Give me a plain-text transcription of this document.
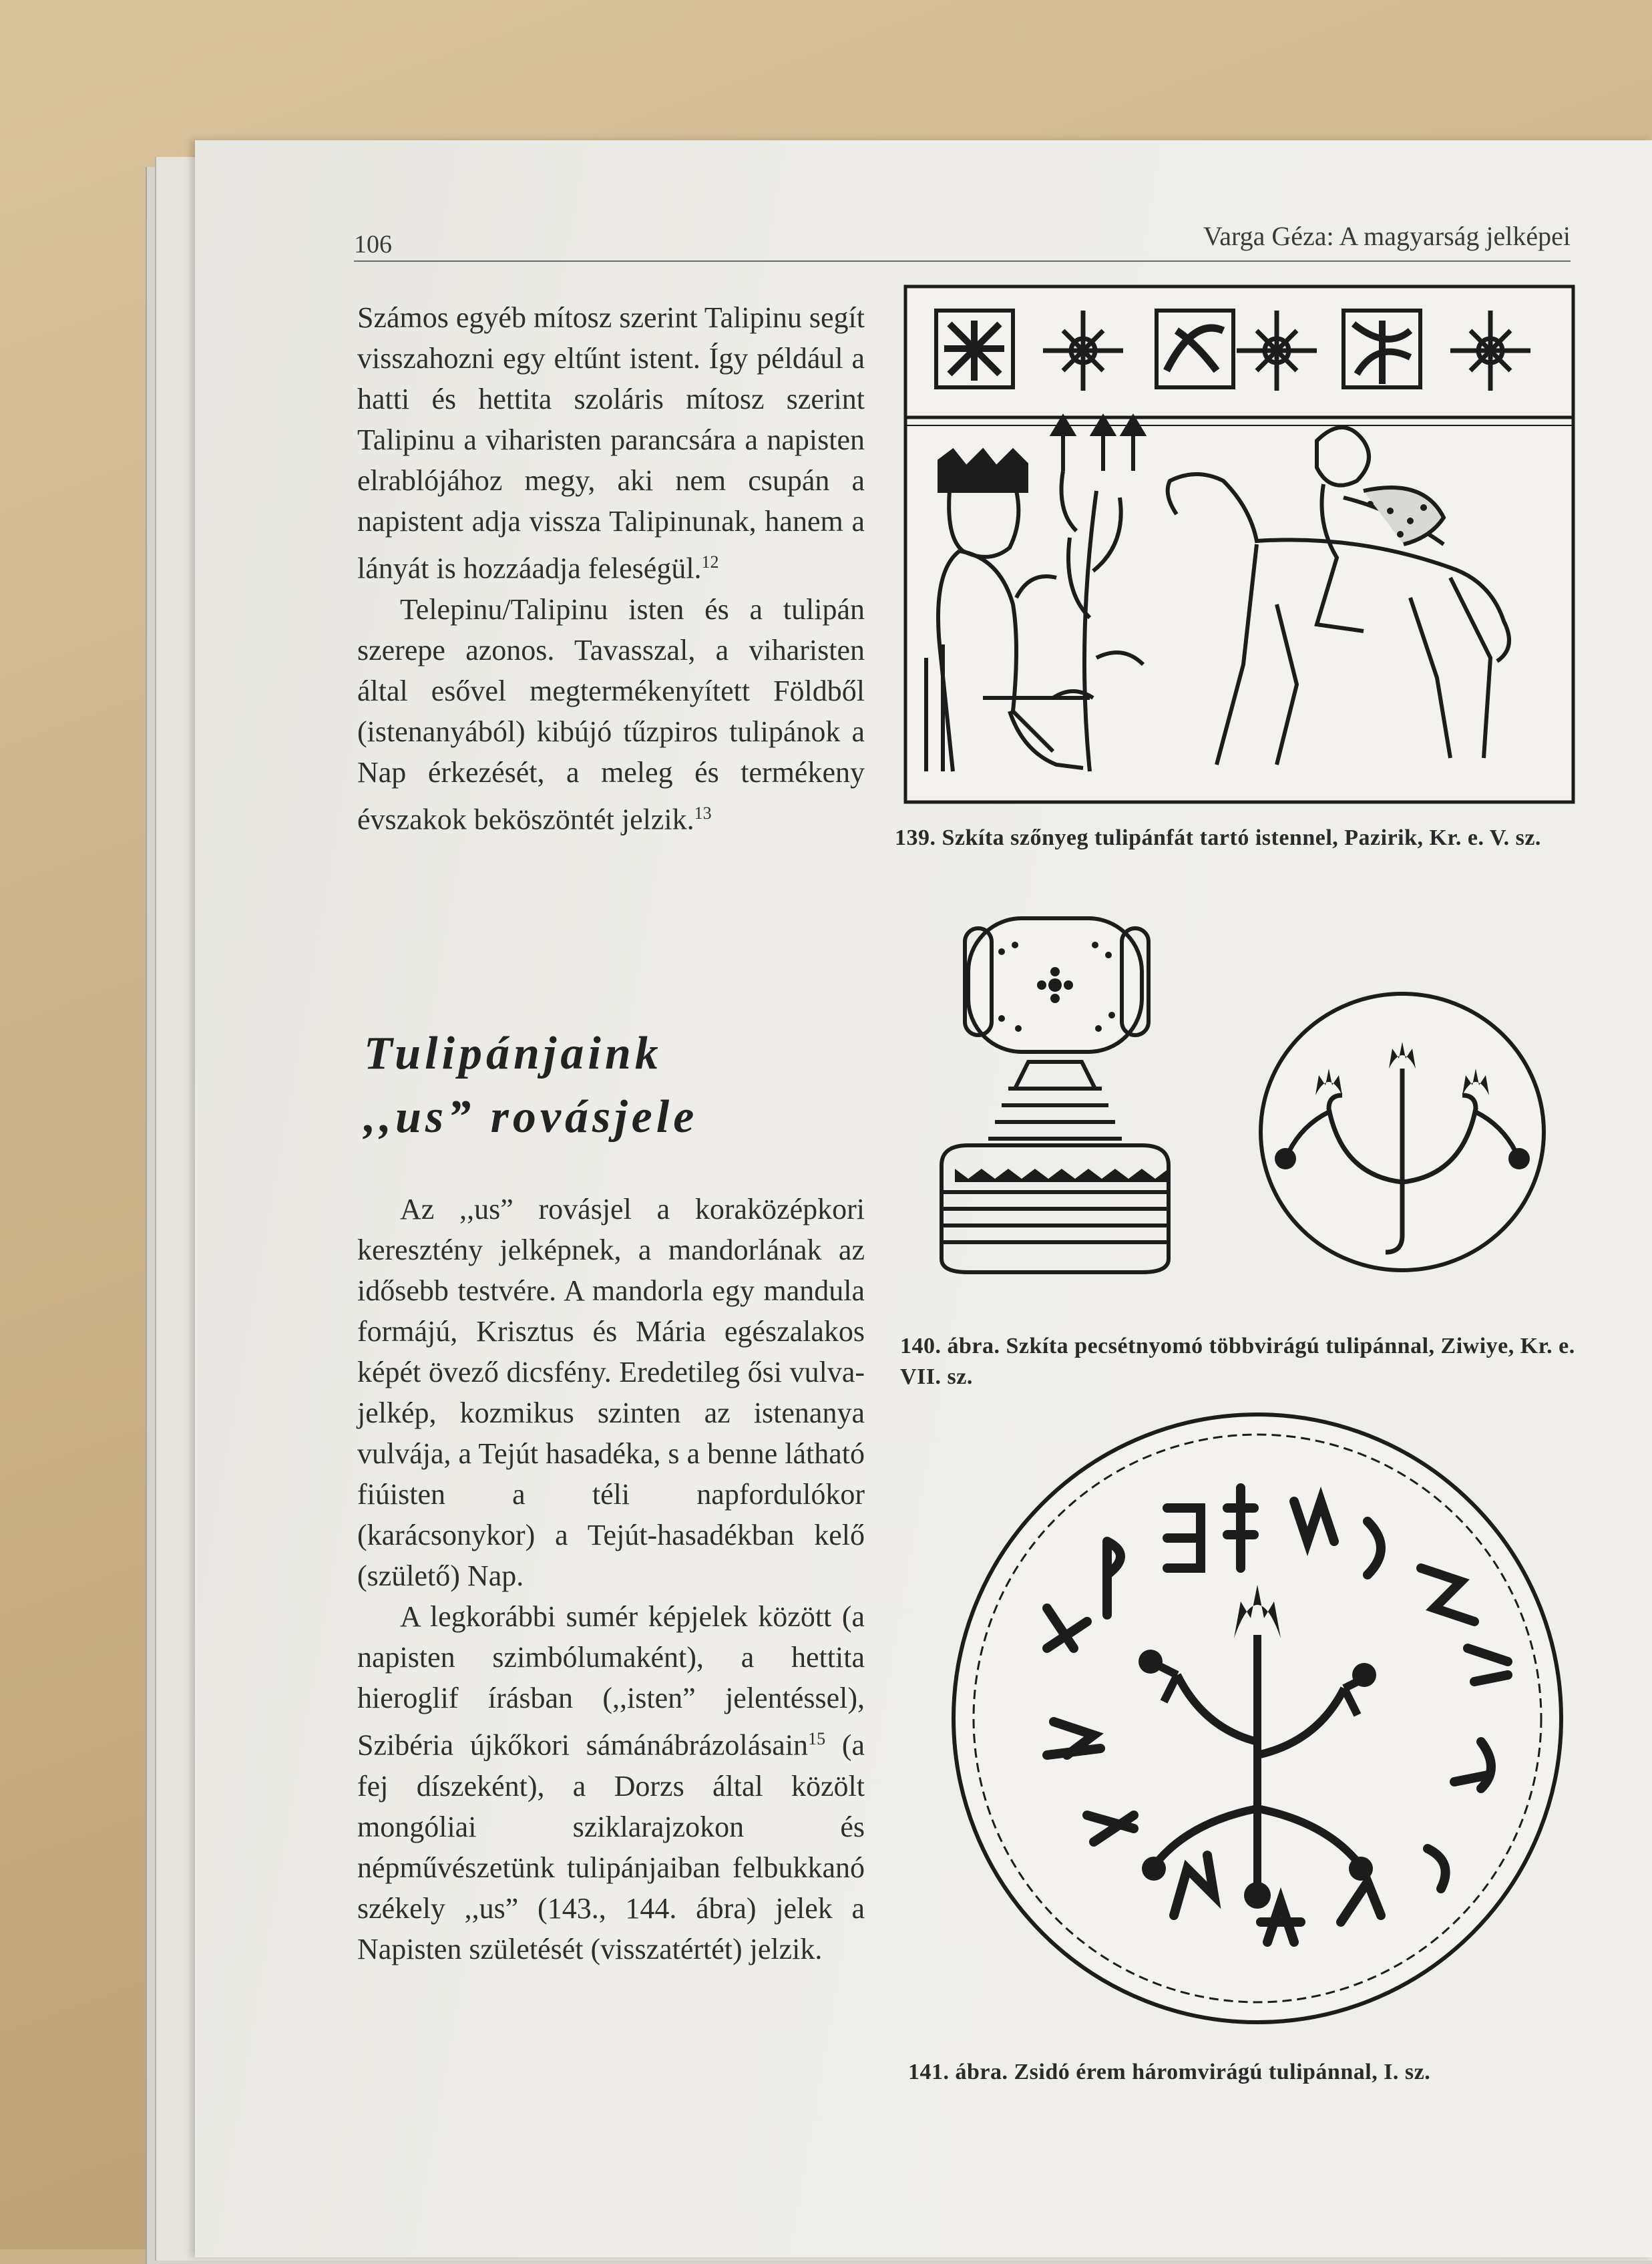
106	Varga Géza: A magyarság jelképei

Számos egyéb mítosz szerint Talipinu segít visszahozni egy eltűnt istent. Így például a hatti és hettita szoláris mítosz szerint Talipinu a viharisten parancsára a napisten elrablójához megy, aki nem csupán a napistent adja vissza Talipinunak, hanem a lányát is hozzáadja feleségül.$^{12}$

Telepinu/Talipinu isten és a tulipán szerepe azonos. Tavasszal, a viharisten által esővel megtermékenyített Földből (istenanyából) kibújó tűzpiros tulipánok a Nap érkezését, a meleg és termékeny évszakok beköszöntét jelzik.$^{13}$

Tulipánjaink
,,us” rovásjele

Az ,,us” rovásjel a koraközépkori keresztény jelképnek, a mandorlának az idősebb testvére. A mandorla egy mandula formájú, Krisztus és Mária egészalakos képét övező dicsfény. Eredetileg ősi vulva-jelkép, kozmikus szinten az istenanya vulvája, a Tejút hasadéka, s a benne látható fiúisten a téli napfordulókor (karácsonykor) a Tejút-hasadékban kelő (születő) Nap.

A legkorábbi sumér képjelek között (a napisten szimbólumaként), a hettita hieroglif írásban (,,isten” jelentéssel), Szibéria újkőkori sámánábrázolásain$^{15}$ (a fej díszeként), a Dorzs által közölt mongóliai sziklarajzokon és népművészetünk tulipánjaiban felbukkanó székely ,,us” (143., 144. ábra) jelek a Napisten születését (visszatértét) jelzik.

139. Szkíta szőnyeg tulipánfát tartó istennel, Pazirik, Kr. e. V. sz.
140. ábra. Szkíta pecsétnyomó többvirágú tulipánnal, Ziwiye, Kr. e. VII. sz.
141. ábra. Zsidó érem háromvirágú tulipánnal, I. sz.
